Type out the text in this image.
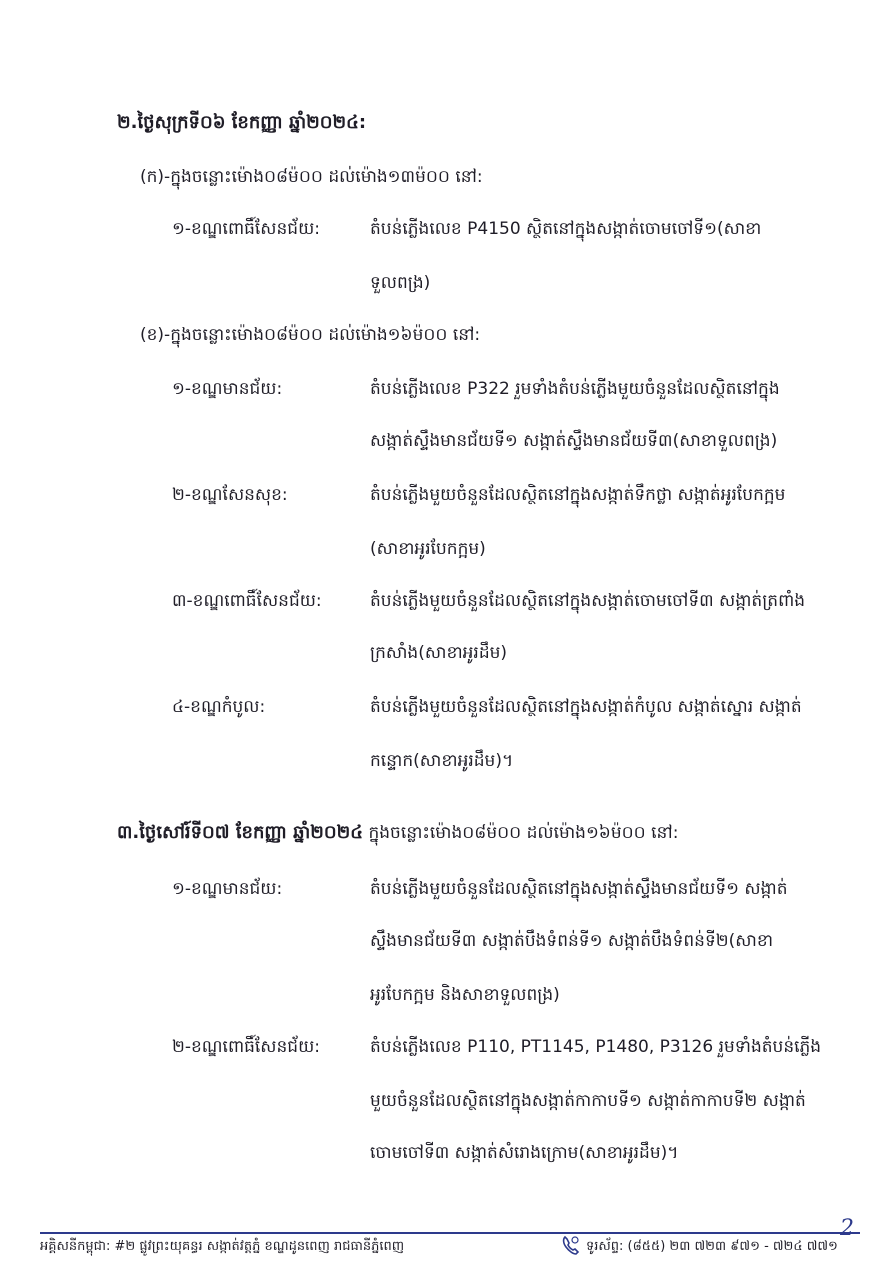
២.ថ្ងៃសុក្រទី០៦ ខែកញ្ញា ឆ្នាំ២០២៤:
(ក)-ក្នុងចន្លោះម៉ោង០៨ម៉០០ ដល់ម៉ោង១៣ម៉០០ នៅ:
១-ខណ្ឌពោធិ៍សែនជ័យ:	តំបន់ភ្លើងលេខ P4150 ស្ថិតនៅក្នុងសង្កាត់ចោមចៅទី១(សាខា
ទួលពង្រ)
(ខ)-ក្នុងចន្លោះម៉ោង០៨ម៉០០ ដល់ម៉ោង១៦ម៉០០ នៅ:
១-ខណ្ឌមានជ័យ:	តំបន់ភ្លើងលេខ P322 រួមទាំងតំបន់ភ្លើងមួយចំនួនដែលស្ថិតនៅក្នុង
សង្កាត់ស្ទឹងមានជ័យទី១ សង្កាត់ស្ទឹងមានជ័យទី៣(សាខាទួលពង្រ)
២-ខណ្ឌសែនសុខ:	តំបន់ភ្លើងមួយចំនួនដែលស្ថិតនៅក្នុងសង្កាត់ទឹកថ្លា សង្កាត់អូរបែកក្អម
(សាខាអូរបែកក្អម)
៣-ខណ្ឌពោធិ៍សែនជ័យ:	តំបន់ភ្លើងមួយចំនួនដែលស្ថិតនៅក្នុងសង្កាត់ចោមចៅទី៣ សង្កាត់ត្រពាំង
ក្រសាំង(សាខាអូរដឹម)
៤-ខណ្ឌកំបូល:	តំបន់ភ្លើងមួយចំនួនដែលស្ថិតនៅក្នុងសង្កាត់កំបូល សង្កាត់ស្នោរ សង្កាត់
កន្ទោក(សាខាអូរដឹម)។
៣.ថ្ងៃសៅរ៍ទី០៧ ខែកញ្ញា ឆ្នាំ២០២៤ ក្នុងចន្លោះម៉ោង០៨ម៉០០ ដល់ម៉ោង១៦ម៉០០ នៅ:
១-ខណ្ឌមានជ័យ:	តំបន់ភ្លើងមួយចំនួនដែលស្ថិតនៅក្នុងសង្កាត់ស្ទឹងមានជ័យទី១ សង្កាត់
ស្ទឹងមានជ័យទី៣ សង្កាត់បឹងទំពន់ទី១ សង្កាត់បឹងទំពន់ទី២(សាខា
អូរបែកក្អម និងសាខាទួលពង្រ)
២-ខណ្ឌពោធិ៍សែនជ័យ:	តំបន់ភ្លើងលេខ P110, PT1145, P1480, P3126 រួមទាំងតំបន់ភ្លើង
មួយចំនួនដែលស្ថិតនៅក្នុងសង្កាត់កាកាបទី១ សង្កាត់កាកាបទី២ សង្កាត់
ចោមចៅទី៣ សង្កាត់សំរោងក្រោម(សាខាអូរដឹម)។
2
អគ្គិសនីកម្ពុជា: #២ ផ្លូវព្រះយុគន្ធរ សង្កាត់វត្តភ្នំ ខណ្ឌដូនពេញ រាជធានីភ្នំពេញ	ទូរស័ព្ទ: (៨៥៥) ២៣ ៧២៣ ៩៧១ - ៧២៤ ៧៧១
